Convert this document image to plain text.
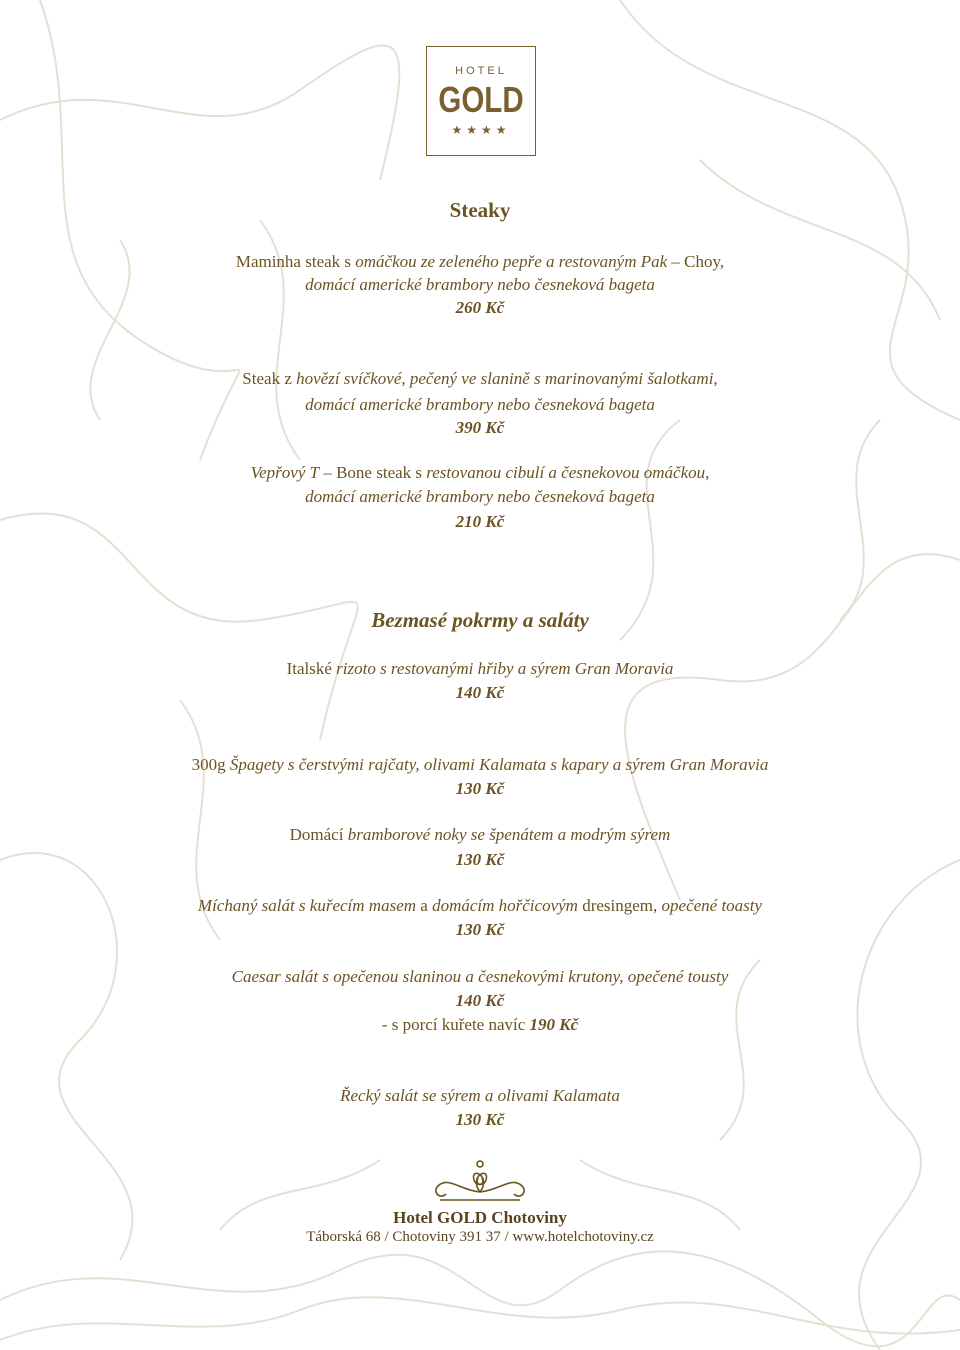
HOTEL
GOLD
★★★★
Steaky
Maminha steak s omáčkou ze zeleného pepře a restovaným Pak – Choy,
domácí americké brambory nebo česneková bageta
260 Kč
Steak z hovězí svíčkové, pečený ve slanině s marinovanými šalotkami,
domácí americké brambory nebo česneková bageta
390 Kč
Vepřový T – Bone steak s restovanou cibulí a česnekovou omáčkou,
domácí americké brambory nebo česneková bageta
210 Kč
Bezmasé pokrmy a saláty
Italské rizoto s restovanými hřiby a sýrem Gran Moravia
140 Kč
300g Špagety s čerstvými rajčaty, olivami Kalamata s kapary a sýrem Gran Moravia
130 Kč
Domácí bramborové noky se špenátem a modrým sýrem
130 Kč
Míchaný salát s kuřecím masem a domácím hořčicovým dresingem, opečené toasty
130 Kč
Caesar salát s opečenou slaninou a česnekovými krutony, opečené tousty
140 Kč
- s porcí kuřete navíc 190 Kč
Řecký salát se sýrem a olivami Kalamata
130 Kč
Hotel GOLD Chotoviny
Táborská 68 / Chotoviny 391 37 / www.hotelchotoviny.cz
